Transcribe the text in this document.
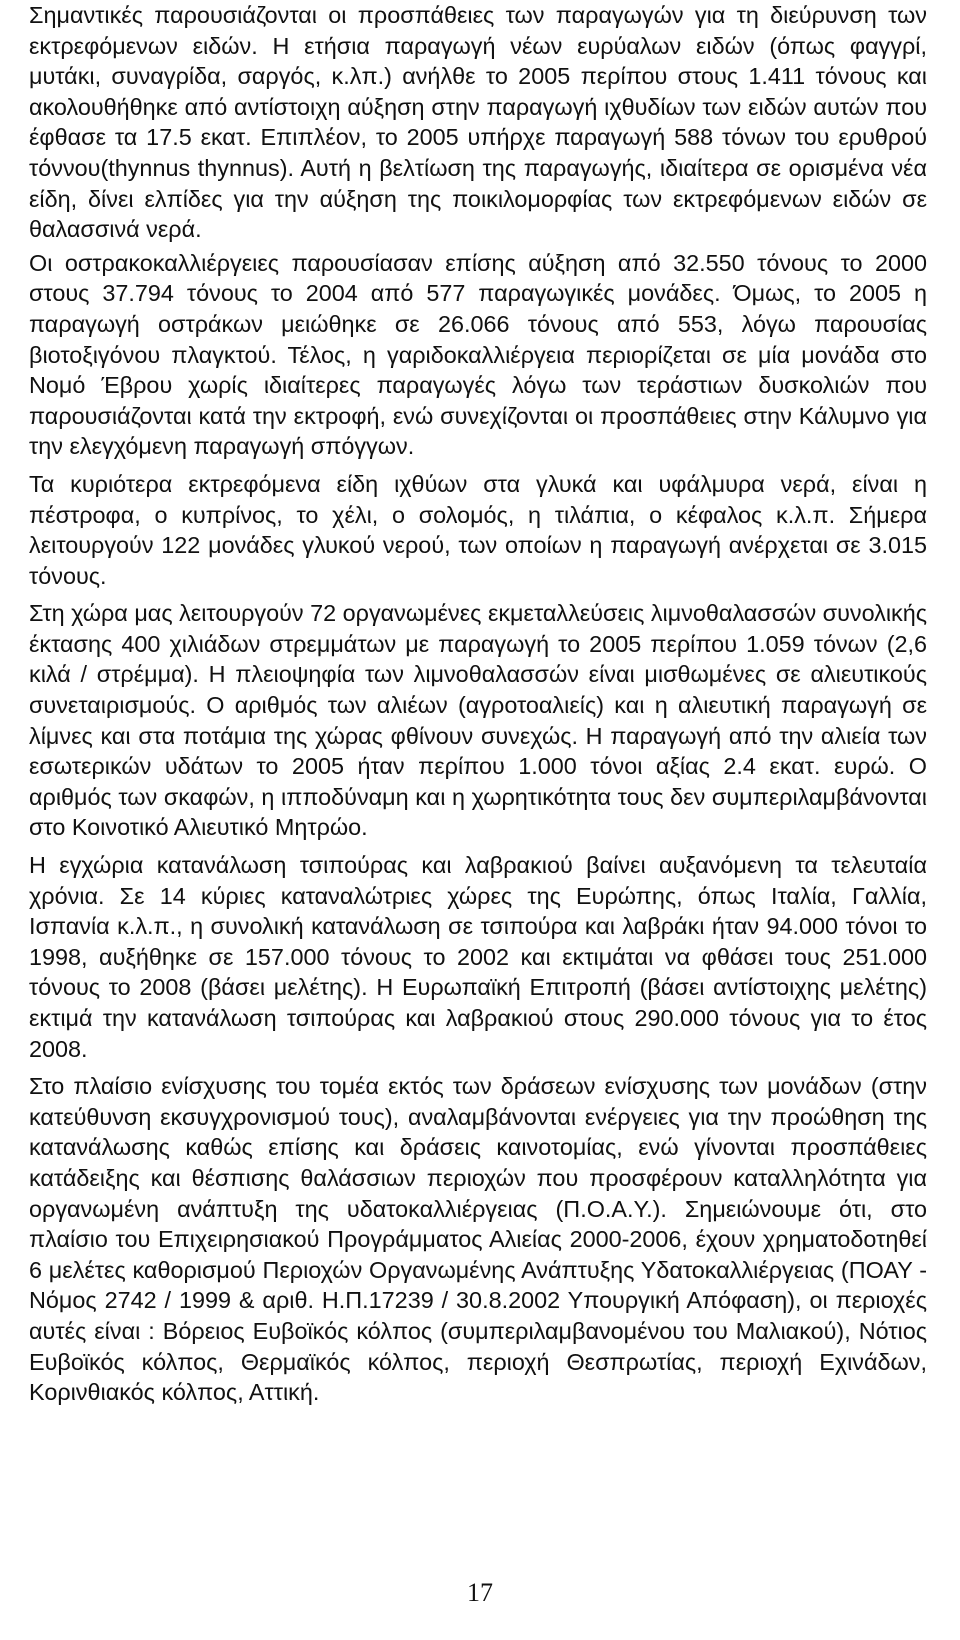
Σημαντικές παρουσιάζονται οι προσπάθειες των παραγωγών για τη διεύρυνση των εκτρεφόμενων ειδών. Η ετήσια παραγωγή νέων ευρύαλων ειδών (όπως φαγγρί, μυτάκι, συναγρίδα, σαργός, κ.λπ.) ανήλθε το 2005 περίπου στους 1.411 τόνους και ακολουθήθηκε από αντίστοιχη αύξηση στην παραγωγή ιχθυδίων των ειδών αυτών που έφθασε τα 17.5 εκατ. Επιπλέον, το 2005 υπήρχε παραγωγή 588 τόνων του ερυθρού τόννου(thynnus thynnus). Αυτή η βελτίωση της παραγωγής, ιδιαίτερα σε ορισμένα νέα είδη, δίνει ελπίδες για την αύξηση της ποικιλομορφίας των εκτρεφόμενων ειδών σε θαλασσινά νερά.

Οι οστρακοκαλλιέργειες παρουσίασαν επίσης αύξηση από 32.550 τόνους το 2000 στους 37.794 τόνους το 2004 από 577 παραγωγικές μονάδες. Όμως, το 2005 η παραγωγή οστράκων μειώθηκε σε 26.066 τόνους από 553, λόγω παρουσίας βιοτοξιγόνου πλαγκτού. Τέλος, η γαριδοκαλλιέργεια περιορίζεται σε μία μονάδα στο Νομό Έβρου χωρίς ιδιαίτερες παραγωγές λόγω των τεράστιων δυσκολιών που παρουσιάζονται κατά την εκτροφή, ενώ συνεχίζονται οι προσπάθειες στην Κάλυμνο για την ελεγχόμενη παραγωγή σπόγγων.

Τα κυριότερα εκτρεφόμενα είδη ιχθύων στα γλυκά και υφάλμυρα νερά, είναι η πέστροφα, ο κυπρίνος, το χέλι, ο σολομός, η τιλάπια, ο κέφαλος κ.λ.π. Σήμερα λειτουργούν 122 μονάδες γλυκού νερού, των οποίων η παραγωγή ανέρχεται σε 3.015 τόνους.

Στη χώρα μας λειτουργούν 72 οργανωμένες εκμεταλλεύσεις λιμνοθαλασσών συνολικής έκτασης 400 χιλιάδων στρεμμάτων με παραγωγή το 2005 περίπου 1.059 τόνων (2,6 κιλά / στρέμμα). Η πλειοψηφία των λιμνοθαλασσών είναι μισθωμένες σε αλιευτικούς συνεταιρισμούς. Ο αριθμός των αλιέων (αγροτοαλιείς) και η αλιευτική παραγωγή σε λίμνες και στα ποτάμια της χώρας φθίνουν συνεχώς. Η παραγωγή από την αλιεία των εσωτερικών υδάτων το 2005 ήταν περίπου 1.000 τόνοι αξίας 2.4 εκατ. ευρώ. Ο αριθμός των σκαφών, η ιπποδύναμη και η χωρητικότητα τους δεν συμπεριλαμβάνονται στο Κοινοτικό Αλιευτικό Μητρώο.

Η εγχώρια κατανάλωση τσιπούρας και λαβρακιού βαίνει αυξανόμενη τα τελευταία χρόνια. Σε 14 κύριες καταναλώτριες χώρες της Ευρώπης, όπως Ιταλία, Γαλλία, Ισπανία κ.λ.π., η συνολική κατανάλωση σε τσιπούρα και λαβράκι ήταν 94.000 τόνοι το 1998, αυξήθηκε σε 157.000 τόνους το 2002 και εκτιμάται να φθάσει τους 251.000 τόνους το 2008 (βάσει μελέτης). Η Ευρωπαϊκή Επιτροπή (βάσει αντίστοιχης μελέτης) εκτιμά την κατανάλωση τσιπούρας και λαβρακιού στους 290.000 τόνους για το έτος 2008.

Στο πλαίσιο ενίσχυσης του τομέα εκτός των δράσεων ενίσχυσης των μονάδων (στην κατεύθυνση εκσυγχρονισμού τους), αναλαμβάνονται ενέργειες για την προώθηση της κατανάλωσης καθώς επίσης και δράσεις καινοτομίας, ενώ γίνονται προσπάθειες κατάδειξης και θέσπισης θαλάσσιων περιοχών που προσφέρουν καταλληλότητα για οργανωμένη ανάπτυξη της υδατοκαλλιέργειας (Π.Ο.Α.Υ.). Σημειώνουμε ότι, στο πλαίσιο του Επιχειρησιακού Προγράμματος Αλιείας 2000-2006, έχουν χρηματοδοτηθεί 6 μελέτες καθορισμού Περιοχών Οργανωμένης Ανάπτυξης Υδατοκαλλιέργειας (ΠΟΑΥ - Νόμος 2742 / 1999 & αριθ. Η.Π.17239 / 30.8.2002 Υπουργική Απόφαση), οι περιοχές αυτές είναι : Βόρειος Ευβοϊκός κόλπος (συμπεριλαμβανομένου του Μαλιακού), Νότιος Ευβοϊκός κόλπος, Θερμαϊκός κόλπος, περιοχή Θεσπρωτίας, περιοχή Εχινάδων, Κορινθιακός κόλπος, Αττική.

17
